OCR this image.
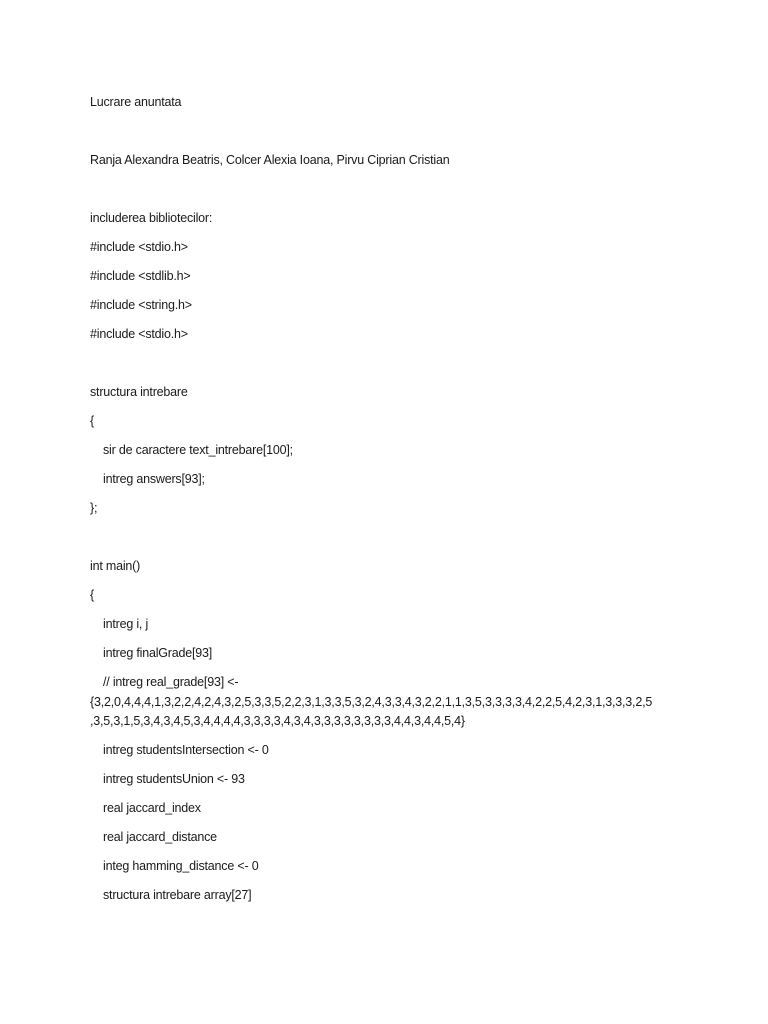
Lucrare anuntata
Ranja Alexandra Beatris, Colcer Alexia Ioana, Pirvu Ciprian Cristian
includerea bibliotecilor:
#include <stdio.h>
#include <stdlib.h>
#include <string.h>
#include <stdio.h>
structura intrebare
{
sir de caractere text_intrebare[100];
intreg answers[93];
};
int main()
{
intreg i, j
intreg finalGrade[93]
// intreg real_grade[93] <-
{3,2,0,4,4,4,1,3,2,2,4,2,4,3,2,5,3,3,5,2,2,3,1,3,3,5,3,2,4,3,3,4,3,2,2,1,1,3,5,3,3,3,3,4,2,2,5,4,2,3,1,3,3,3,2,5
,3,5,3,1,5,3,4,3,4,5,3,4,4,4,4,3,3,3,3,4,3,4,3,3,3,3,3,3,3,3,4,4,3,4,4,5,4}
intreg studentsIntersection <- 0
intreg studentsUnion <- 93
real jaccard_index
real jaccard_distance
integ hamming_distance <- 0
structura intrebare array[27]
